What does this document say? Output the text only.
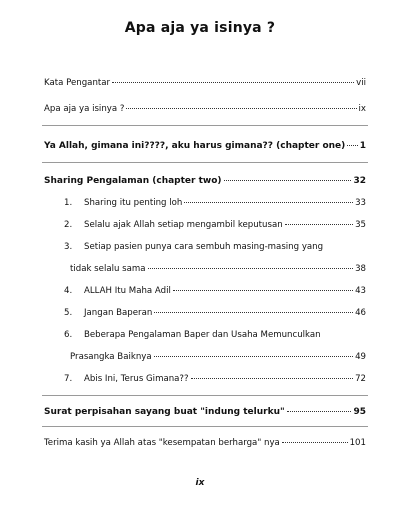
Apa aja ya isinya ?
Kata Pengantar	vii
Apa aja ya isinya ?	ix
Ya Allah, gimana ini????, aku harus gimana?? (chapter one) 1
Sharing Pengalaman (chapter two)	32
1. Sharing itu penting loh	33
2. Selalu ajak Allah setiap mengambil keputusan	35
3. Setiap pasien punya cara sembuh masing-masing yang
tidak selalu sama	38
4. ALLAH Itu Maha Adil	43
5. Jangan Baperan	46
6. Beberapa Pengalaman Baper dan Usaha Memunculkan
Prasangka Baiknya	49
7. Abis Ini, Terus Gimana??	72
Surat perpisahan sayang buat "indung telurku"	95
Terima kasih ya Allah atas "kesempatan berharga" nya	101
ix
